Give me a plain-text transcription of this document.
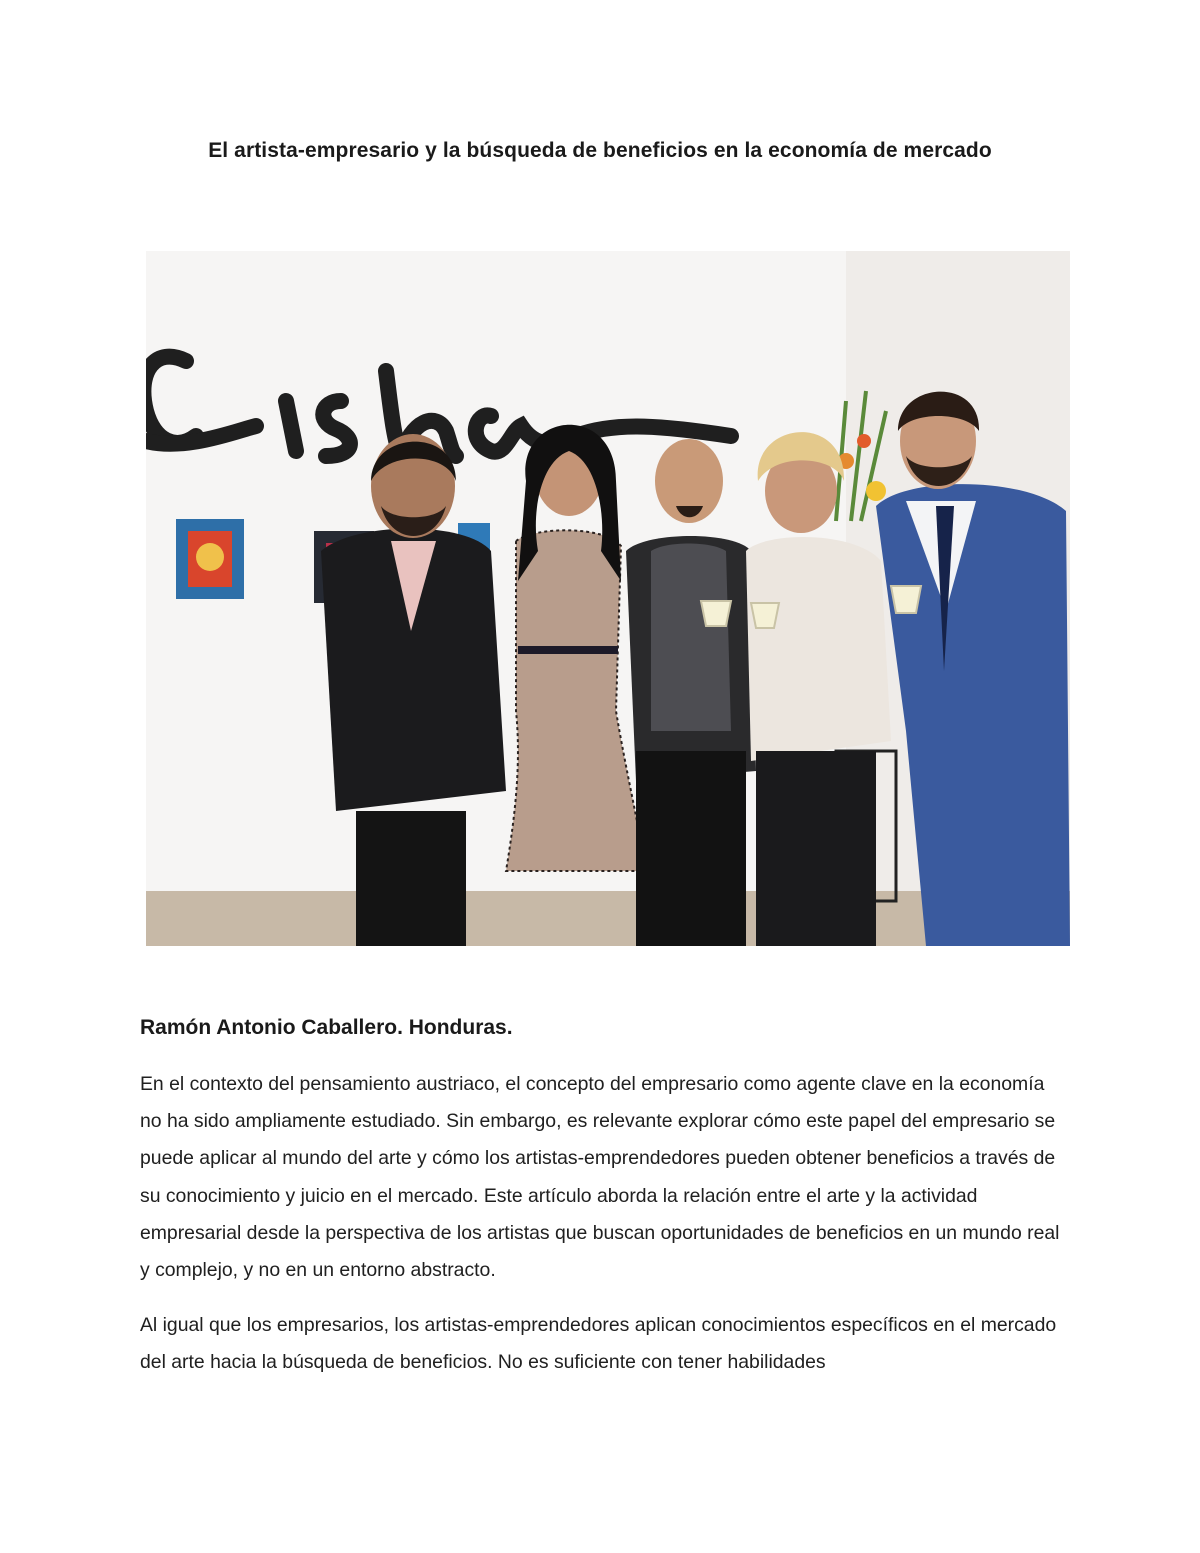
El artista-empresario y la búsqueda de beneficios en la economía de mercado
Ramón Antonio Caballero. Honduras.

En el contexto del pensamiento austriaco, el concepto del empresario como agente clave en la economía no ha sido ampliamente estudiado. Sin embargo, es relevante explorar cómo este papel del empresario se puede aplicar al mundo del arte y cómo los artistas-emprendedores pueden obtener beneficios a través de su conocimiento y juicio en el mercado. Este artículo aborda la relación entre el arte y la actividad empresarial desde la perspectiva de los artistas que buscan oportunidades de beneficios en un mundo real y complejo, y no en un entorno abstracto.

Al igual que los empresarios, los artistas-emprendedores aplican conocimientos específicos en el mercado del arte hacia la búsqueda de beneficios. No es suficiente con tener habilidades
